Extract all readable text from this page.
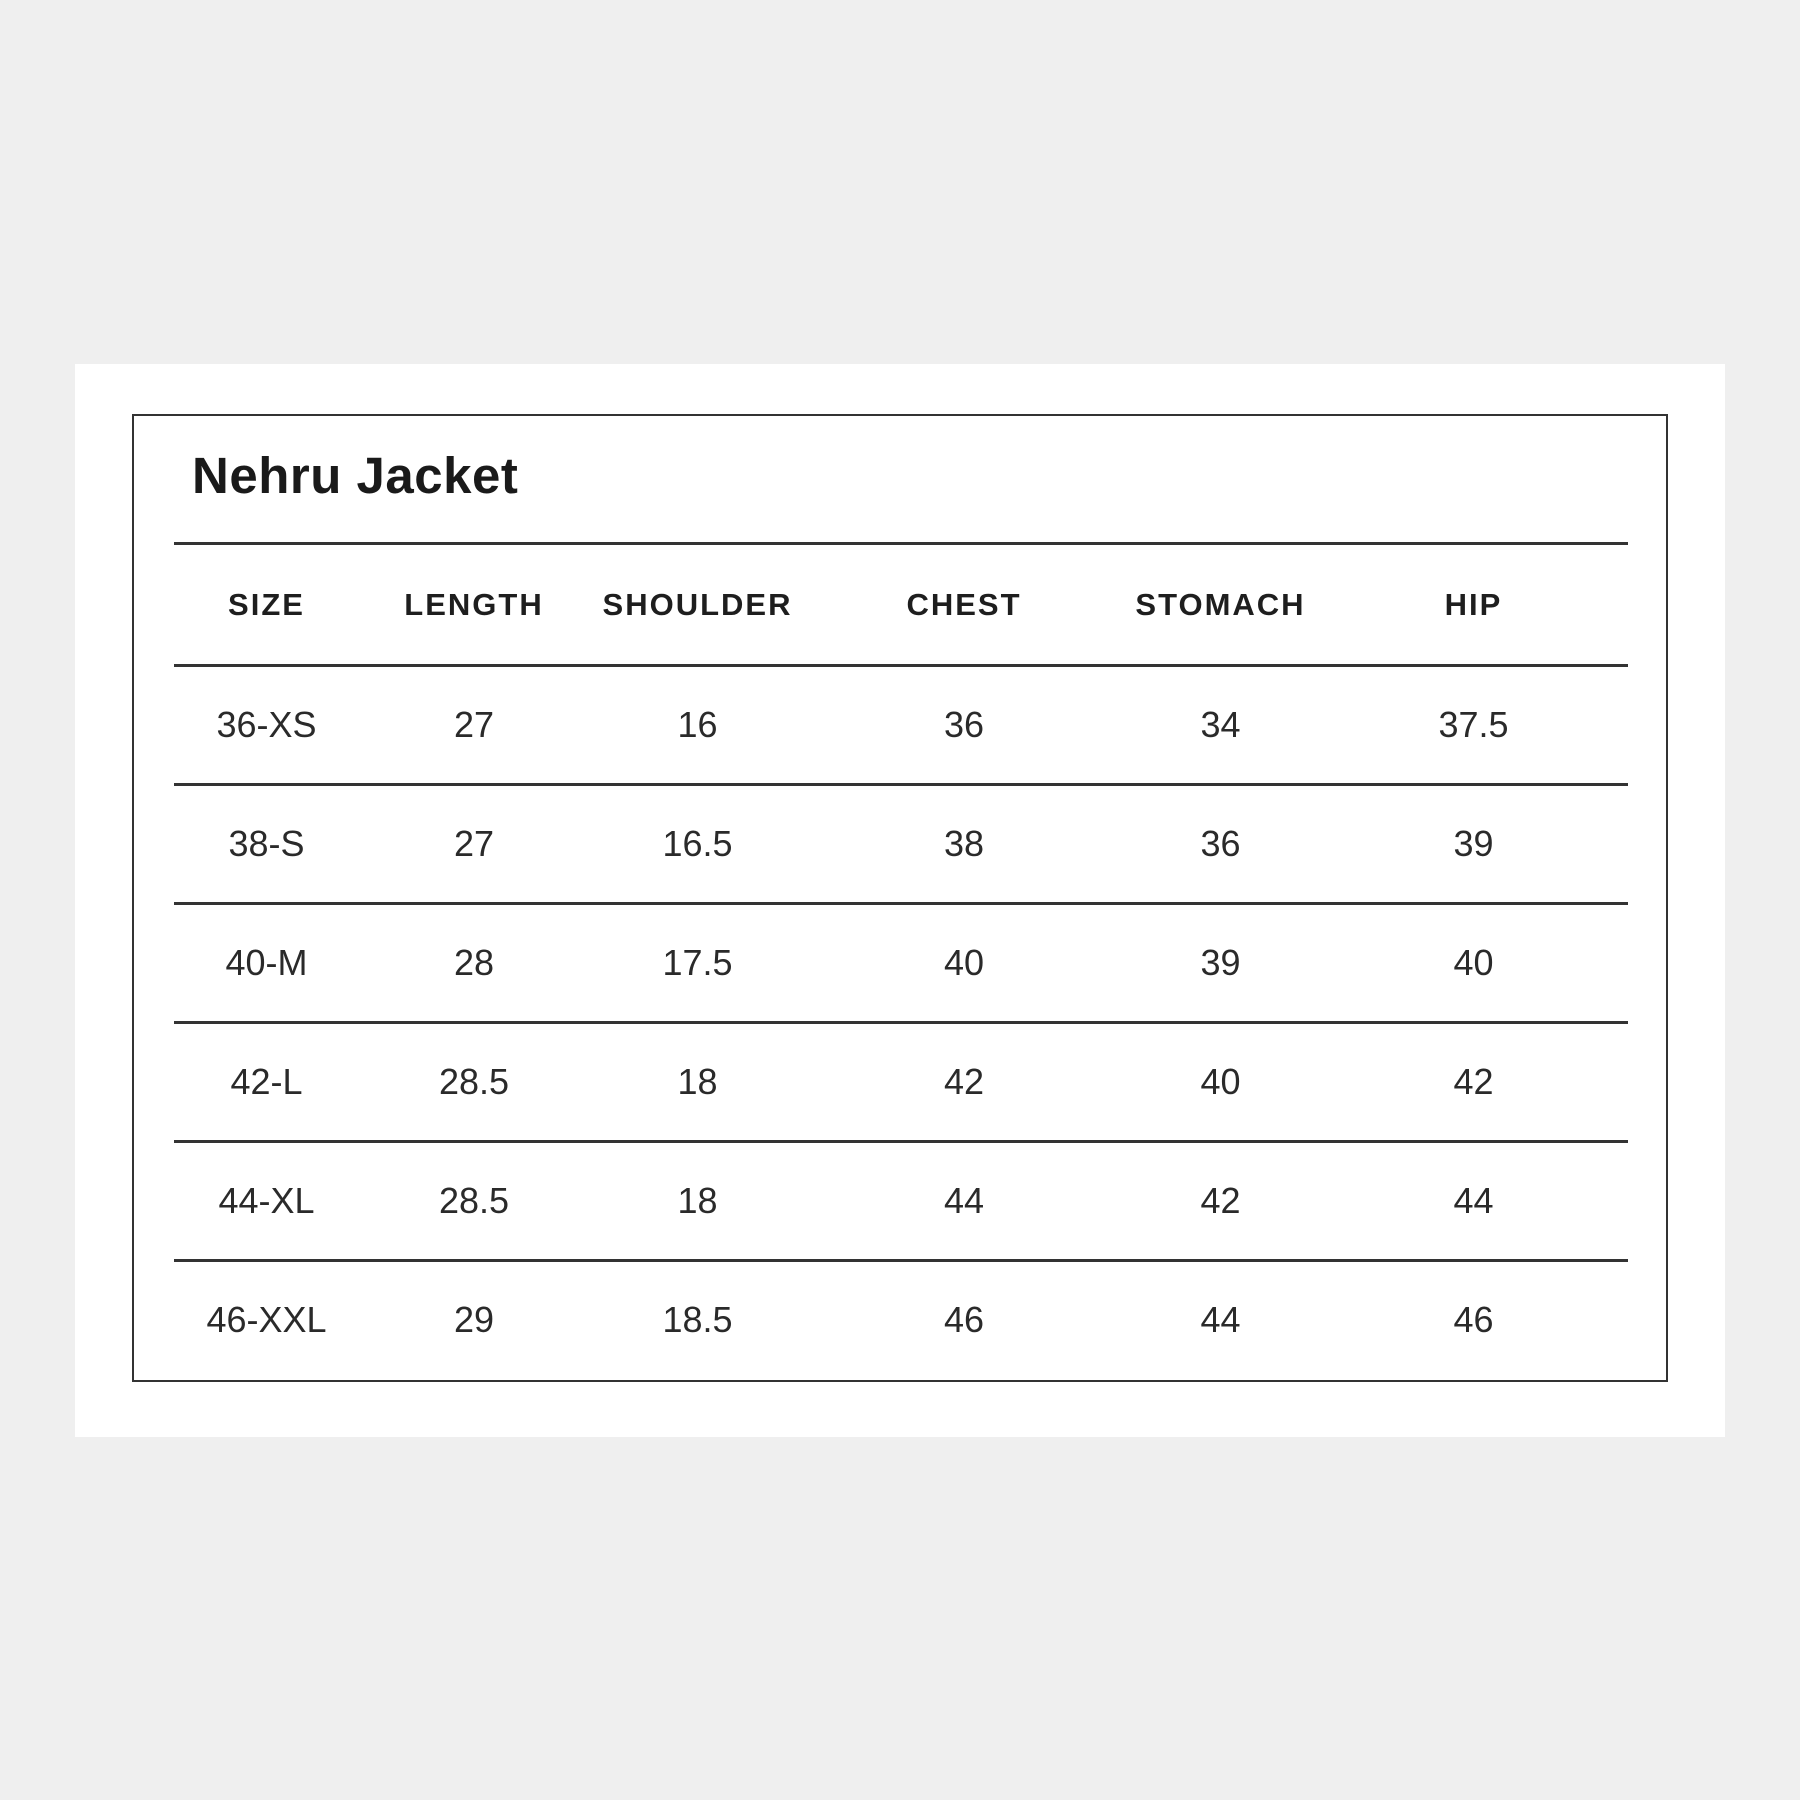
Nehru Jacket
SIZE	LENGTH	SHOULDER	CHEST	STOMACH	HIP
36-XS	27	16	36	34	37.5
38-S	27	16.5	38	36	39
40-M	28	17.5	40	39	40
42-L	28.5	18	42	40	42
44-XL	28.5	18	44	42	44
46-XXL	29	18.5	46	44	46
